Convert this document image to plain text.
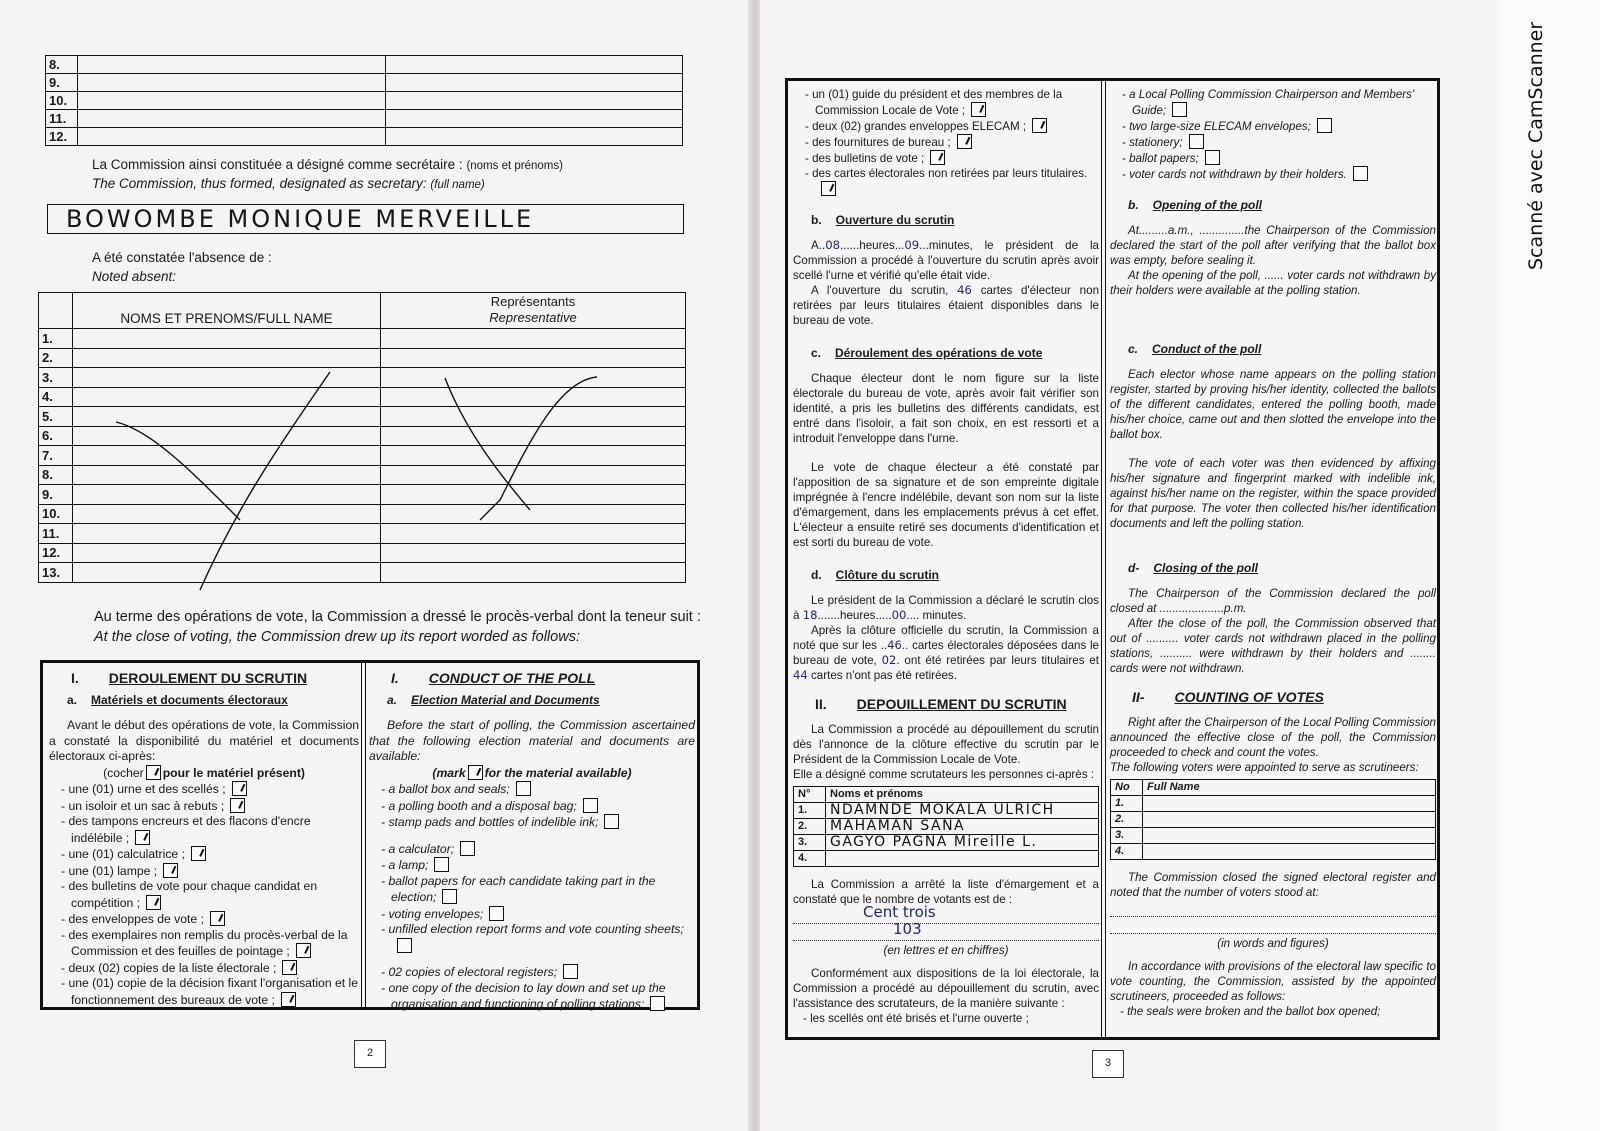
Scanné avec CamScanner
8.		
9.		
10.		
11.		
12.		
La Commission ainsi constituée a désigné comme secrétaire : (noms et prénoms)
The Commission, thus formed, designated as secretary: (full name)
BOWOMBE MONIQUE MERVEILLE
A été constatée l'absence de :
Noted absent:
	NOMS ET PRENOMS/FULL NAME	Représentants
Representative

1.		
2.		
3.		
4.		
5.		
6.		
7.		
8.		
9.		
10.		
11.		
12.		
13.		
Au terme des opérations de vote, la Commission a dressé le procès-verbal dont la teneur suit :
At the close of voting, the Commission drew up its report worded as follows:
I. DEROULEMENT DU SCRUTIN
a. Matériels et documents électoraux
Avant le début des opérations de vote, la Commission a constaté la disponibilité du matériel et documents électoraux ci-après:
(cocher pour le matériel présent)
- une (01) urne et des scellés ;
- un isoloir et un sac à rebuts ;
- des tampons encreurs et des flacons d'encre indélébile ;
- une (01) calculatrice ;
- une (01) lampe ;
- des bulletins de vote pour chaque candidat en compétition ;
- des enveloppes de vote ;
- des exemplaires non remplis du procès-verbal de la Commission et des feuilles de pointage ;
- deux (02) copies de la liste électorale ;
- une (01) copie de la décision fixant l'organisation et le fonctionnement des bureaux de vote ;
I. CONDUCT OF THE POLL
a. Election Material and Documents
Before the start of polling, the Commission ascertained that the following election material and documents are available:
(mark for the material available)
- a ballot box and seals;
- a polling booth and a disposal bag;
- stamp pads and bottles of indelible ink;
- a calculator;
- a lamp;
- ballot papers for each candidate taking part in the election;
- voting envelopes;
- unfilled election report forms and vote counting sheets;
- 02 copies of electoral registers;
- one copy of the decision to lay down and set up the organisation and functioning of polling stations;
2
- un (01) guide du président et des membres de la Commission Locale de Vote ;
- deux (02) grandes enveloppes ELECAM ;
- des fournitures de bureau ;
- des bulletins de vote ;
- des cartes électorales non retirées par leurs titulaires.
b. Ouverture du scrutin
A..08......heures...09...minutes, le président de la Commission a procédé à l'ouverture du scrutin après avoir scellé l'urne et vérifié qu'elle était vide.
A l'ouverture du scrutin, 46 cartes d'électeur non retirées par leurs titulaires étaient disponibles dans le bureau de vote.
c. Déroulement des opérations de vote
Chaque électeur dont le nom figure sur la liste électorale du bureau de vote, après avoir fait vérifier son identité, a pris les bulletins des différents candidats, est entré dans l'isoloir, a fait son choix, en est ressorti et a introduit l'enveloppe dans l'urne.
Le vote de chaque électeur a été constaté par l'apposition de sa signature et de son empreinte digitale imprégnée à l'encre indélébile, devant son nom sur la liste d'émargement, dans les emplacements prévus à cet effet. L'électeur a ensuite retiré ses documents d'identification et est sorti du bureau de vote.
d. Clôture du scrutin
Le président de la Commission a déclaré le scrutin clos à 18.......heures.....00.... minutes.
Après la clôture officielle du scrutin, la Commission a noté que sur les ..46.. cartes électorales déposées dans le bureau de vote, 02. ont été retirées par leurs titulaires et 44 cartes n'ont pas été retirées.
II. DEPOUILLEMENT DU SCRUTIN
La Commission a procédé au dépouillement du scrutin dès l'annonce de la clôture effective du scrutin par le Président de la Commission Locale de Vote.
Elle a désigné comme scrutateurs les personnes ci-après :
N°	Noms et prénoms
1.	NDAMNDE MOKALA ULRICH
2.	MAHAMAN SANA
3.	GAGYO PAGNA Mireille L.
4.	
La Commission a arrêté la liste d'émargement et a constaté que le nombre de votants est de :
Cent trois
103
(en lettres et en chiffres)
Conformément aux dispositions de la loi électorale, la Commission a procédé au dépouillement du scrutin, avec l'assistance des scrutateurs, de la manière suivante :
- les scellés ont été brisés et l'urne ouverte ;
- a Local Polling Commission Chairperson and Members' Guide;
- two large-size ELECAM envelopes;
- stationery;
- ballot papers;
- voter cards not withdrawn by their holders.
b. Opening of the poll
At.........a.m., ..............the Chairperson of the Commission declared the start of the poll after verifying that the ballot box was empty, before sealing it.
At the opening of the poll, ...... voter cards not withdrawn by their holders were available at the polling station.
c. Conduct of the poll
Each elector whose name appears on the polling station register, started by proving his/her identity, collected the ballots of the different candidates, entered the polling booth, made his/her choice, came out and then slotted the envelope into the ballot box.
The vote of each voter was then evidenced by affixing his/her signature and fingerprint marked with indelible ink, against his/her name on the register, within the space provided for that purpose. The voter then collected his/her identification documents and left the polling station.
d- Closing of the poll
The Chairperson of the Commission declared the poll closed at ....................p.m.
After the close of the poll, the Commission observed that out of .......... voter cards not withdrawn placed in the polling stations, .......... were withdrawn by their holders and ........ cards were not withdrawn.
II- COUNTING OF VOTES
Right after the Chairperson of the Local Polling Commission announced the effective close of the poll, the Commission proceeded to check and count the votes.
The following voters were appointed to serve as scrutineers:
No	Full Name
1.	
2.	
3.	
4.	
The Commission closed the signed electoral register and noted that the number of voters stood at:
(in words and figures)
In accordance with provisions of the electoral law specific to vote counting, the Commission, assisted by the appointed scrutineers, proceeded as follows:
- the seals were broken and the ballot box opened;
3
